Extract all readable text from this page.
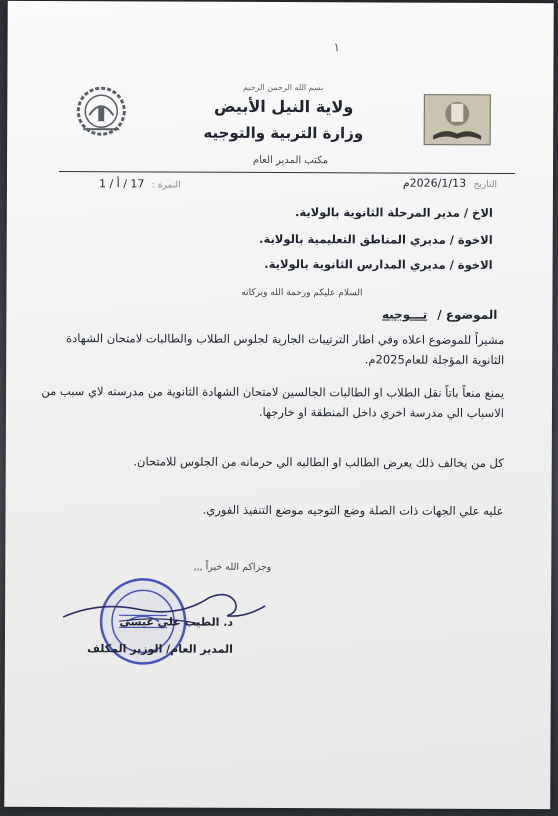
١
بسم الله الرحمن الرحيم
ولاية النيل الأبيض
وزارة التربية والتوجيه
مكتب المدير العام
التاريخ 2026/1/13م
النمرة : 17 / أ / 1
الاخ / مدير المرحلة الثانوية بالولاية.
الاخوة / مديري المناطق التعليمية بالولاية.
الاخوة / مديري المدارس الثانوية بالولاية.
السلام عليكم ورحمة الله وبركاته
الموضوع / تـــوجيه
مشيراً للموضوع اعلاه وفي اطار الترتيبات الجارية لجلوس الطلاب والطالبات لامتحان الشهادة الثانوية المؤجلة للعام2025م.
يمنع منعاً باتاً نقل الطلاب او الطالبات الجالسين لامتحان الشهادة الثانوية من مدرسته لاي سبب من الاسباب الي مدرسة اخري داخل المنطقة او خارجها.
كل من يخالف ذلك يعرض الطالب او الطالبه الي حرمانه من الجلوس للامتحان.
عليه علي الجهات ذات الصلة وضع التوجيه موضع التنفيذ الفوري.
وجزاكم الله خيراً ,,,
د. الطيب علي عيسى
المدير العام/ الوزير المكلف
